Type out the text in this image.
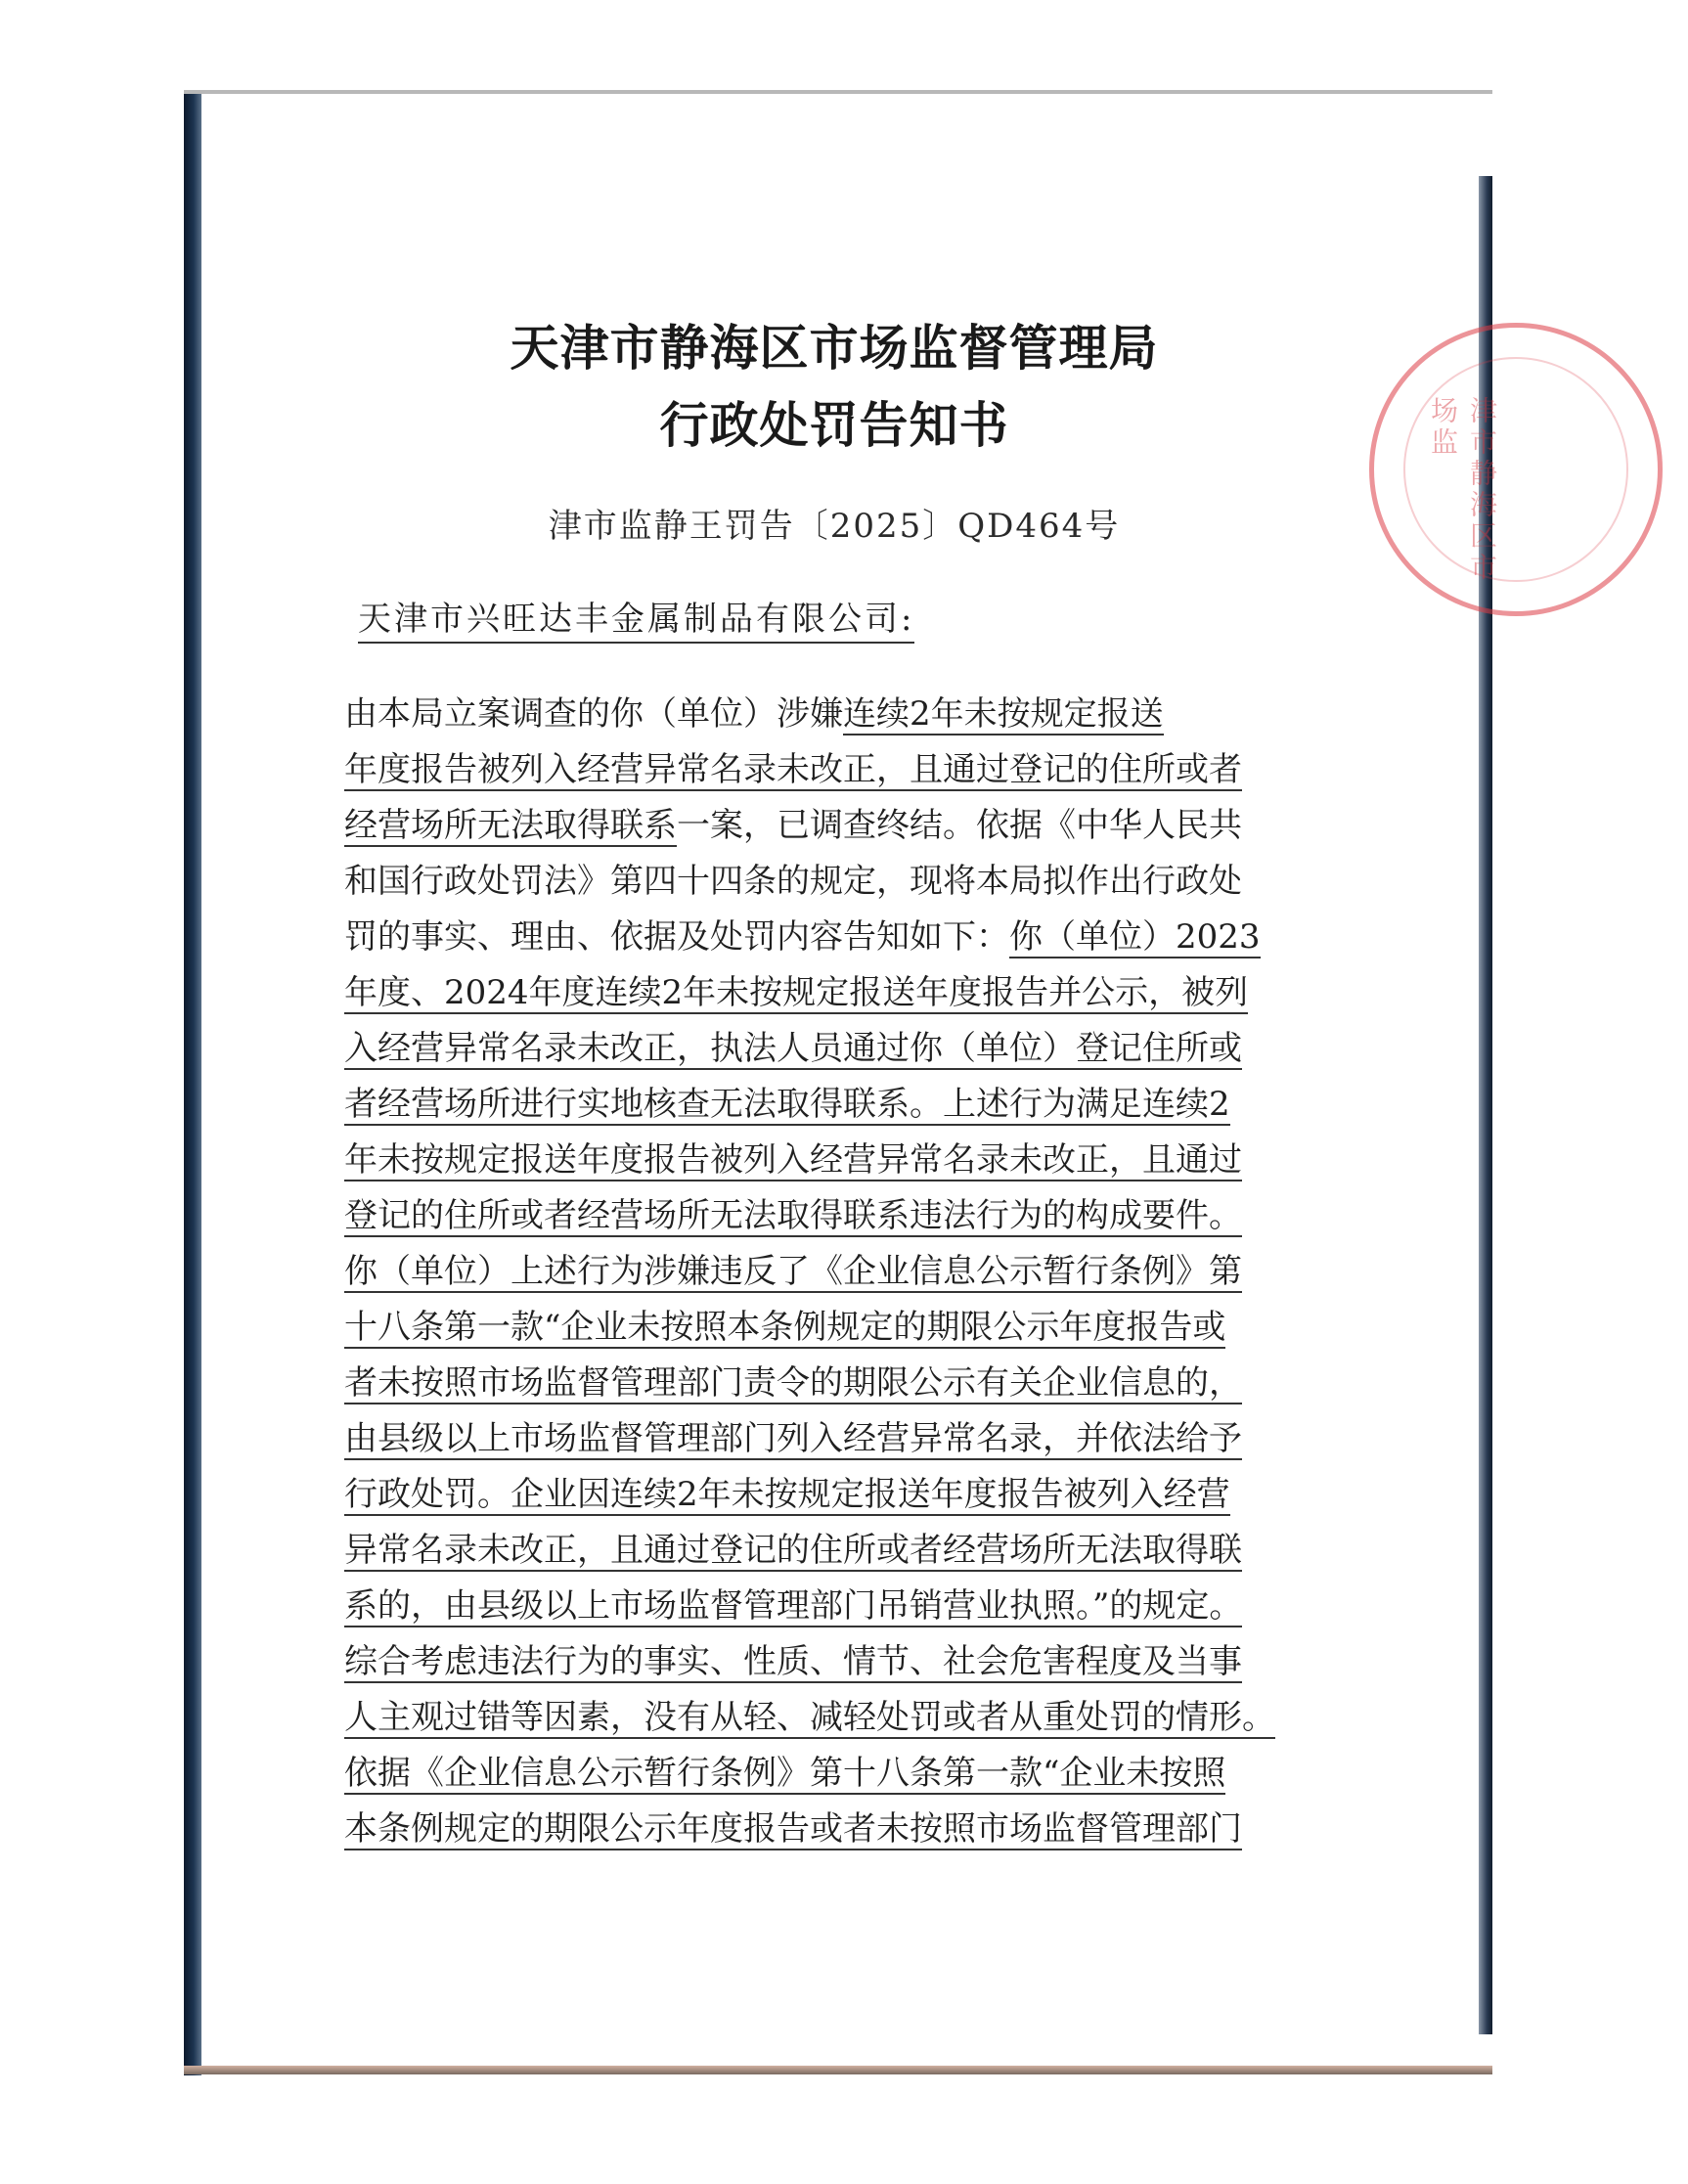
津市静海区市场监
天津市静海区市场监督管理局
行政处罚告知书
津市监静王罚告〔2025〕QD464号
天津市兴旺达丰金属制品有限公司:
由本局立案调查的你（单位）涉嫌连续2年未按规定报送
年度报告被列入经营异常名录未改正，且通过登记的住所或者
经营场所无法取得联系一案，已调查终结。依据《中华人民共
和国行政处罚法》第四十四条的规定，现将本局拟作出行政处
罚的事实、理由、依据及处罚内容告知如下：你（单位）2023
年度、2024年度连续2年未按规定报送年度报告并公示，被列
入经营异常名录未改正，执法人员通过你（单位）登记住所或
者经营场所进行实地核查无法取得联系。上述行为满足连续2
年未按规定报送年度报告被列入经营异常名录未改正，且通过
登记的住所或者经营场所无法取得联系违法行为的构成要件。
你（单位）上述行为涉嫌违反了《企业信息公示暂行条例》第
十八条第一款“企业未按照本条例规定的期限公示年度报告或
者未按照市场监督管理部门责令的期限公示有关企业信息的，
由县级以上市场监督管理部门列入经营异常名录，并依法给予
行政处罚。企业因连续2年未按规定报送年度报告被列入经营
异常名录未改正，且通过登记的住所或者经营场所无法取得联
系的，由县级以上市场监督管理部门吊销营业执照。”的规定。
综合考虑违法行为的事实、性质、情节、社会危害程度及当事
人主观过错等因素，没有从轻、减轻处罚或者从重处罚的情形。
依据《企业信息公示暂行条例》第十八条第一款“企业未按照
本条例规定的期限公示年度报告或者未按照市场监督管理部门
